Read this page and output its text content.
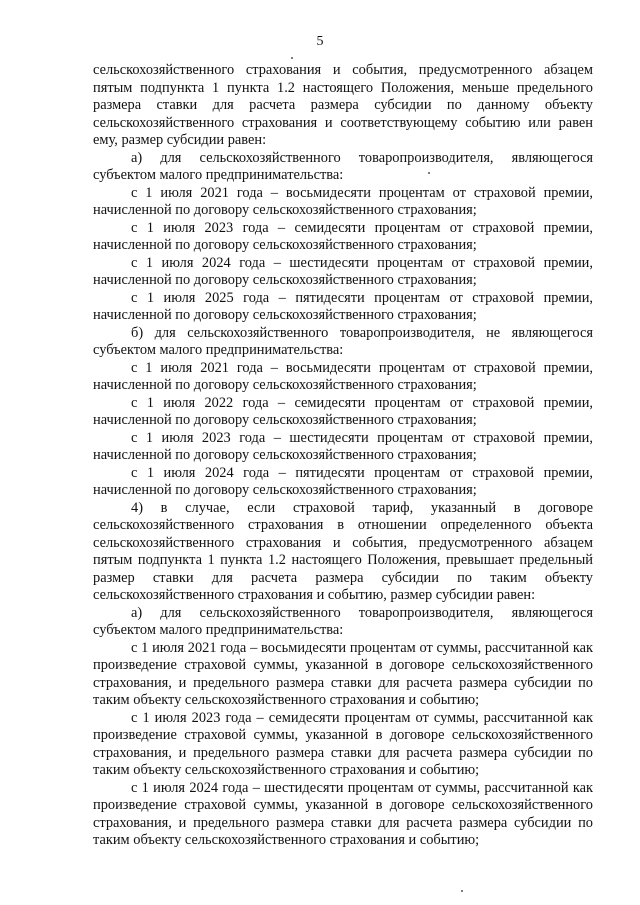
5

сельскохозяйственного страхования и события, предусмотренного абзацем пятым подпункта 1 пункта 1.2 настоящего Положения, меньше предельного размера ставки для расчета размера субсидии по данному объекту сельскохозяйственного страхования и соответствующему событию или равен ему, размер субсидии равен:

а) для сельскохозяйственного товаропроизводителя, являющегося субъектом малого предпринимательства:

с 1 июля 2021 года – восьмидесяти процентам от страховой премии, начисленной по договору сельскохозяйственного страхования;

с 1 июля 2023 года – семидесяти процентам от страховой премии, начисленной по договору сельскохозяйственного страхования;

с 1 июля 2024 года – шестидесяти процентам от страховой премии, начисленной по договору сельскохозяйственного страхования;

с 1 июля 2025 года – пятидесяти процентам от страховой премии, начисленной по договору сельскохозяйственного страхования;

б) для сельскохозяйственного товаропроизводителя, не являющегося субъектом малого предпринимательства:

с 1 июля 2021 года – восьмидесяти процентам от страховой премии, начисленной по договору сельскохозяйственного страхования;

с 1 июля 2022 года – семидесяти процентам от страховой премии, начисленной по договору сельскохозяйственного страхования;

с 1 июля 2023 года – шестидесяти процентам от страховой премии, начисленной по договору сельскохозяйственного страхования;

с 1 июля 2024 года – пятидесяти процентам от страховой премии, начисленной по договору сельскохозяйственного страхования;

4) в случае, если страховой тариф, указанный в договоре сельскохозяйственного страхования в отношении определенного объекта сельскохозяйственного страхования и события, предусмотренного абзацем пятым подпункта 1 пункта 1.2 настоящего Положения, превышает предельный размер ставки для расчета размера субсидии по таким объекту сельскохозяйственного страхования и событию, размер субсидии равен:

а) для сельскохозяйственного товаропроизводителя, являющегося субъектом малого предпринимательства:

с 1 июля 2021 года – восьмидесяти процентам от суммы, рассчитанной как произведение страховой суммы, указанной в договоре сельскохозяйственного страхования, и предельного размера ставки для расчета размера субсидии по таким объекту сельскохозяйственного страхования и событию;

с 1 июля 2023 года – семидесяти процентам от суммы, рассчитанной как произведение страховой суммы, указанной в договоре сельскохозяйственного страхования, и предельного размера ставки для расчета размера субсидии по таким объекту сельскохозяйственного страхования и событию;

с 1 июля 2024 года – шестидесяти процентам от суммы, рассчитанной как произведение страховой суммы, указанной в договоре сельскохозяйственного страхования, и предельного размера ставки для расчета размера субсидии по таким объекту сельскохозяйственного страхования и событию;
